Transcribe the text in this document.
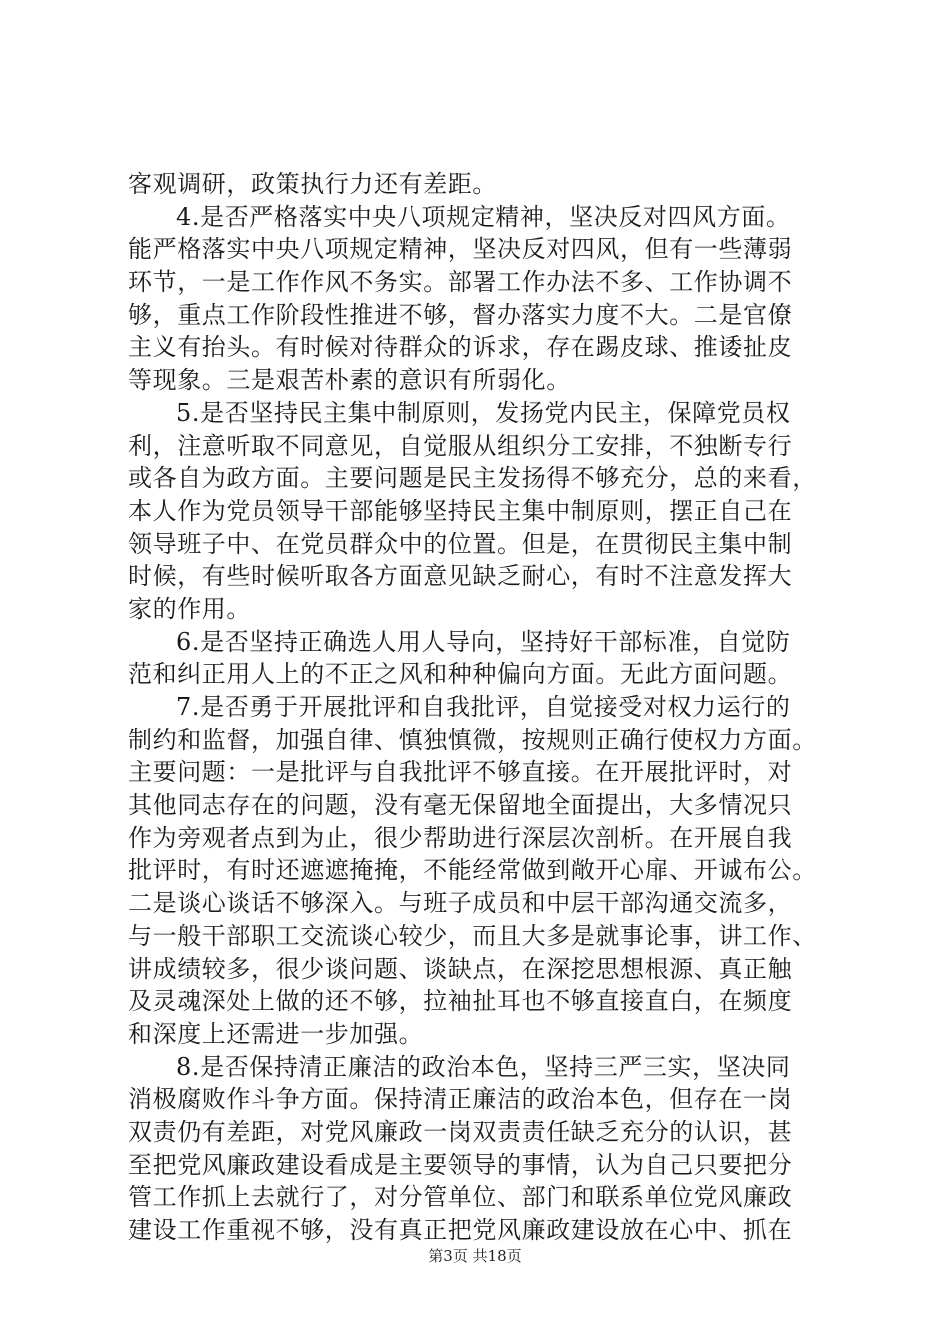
客观调研，政策执行力还有差距。
4.是否严格落实中央八项规定精神，坚决反对四风方面。
能严格落实中央八项规定精神，坚决反对四风，但有一些薄弱
环节，一是工作作风不务实。部署工作办法不多、工作协调不
够，重点工作阶段性推进不够，督办落实力度不大。二是官僚
主义有抬头。有时候对待群众的诉求，存在踢皮球、推诿扯皮
等现象。三是艰苦朴素的意识有所弱化。
5.是否坚持民主集中制原则，发扬党内民主，保障党员权
利，注意听取不同意见，自觉服从组织分工安排，不独断专行
或各自为政方面。主要问题是民主发扬得不够充分，总的来看，
本人作为党员领导干部能够坚持民主集中制原则，摆正自己在
领导班子中、在党员群众中的位置。但是，在贯彻民主集中制
时候，有些时候听取各方面意见缺乏耐心，有时不注意发挥大
家的作用。
6.是否坚持正确选人用人导向，坚持好干部标准，自觉防
范和纠正用人上的不正之风和种种偏向方面。无此方面问题。
7.是否勇于开展批评和自我批评，自觉接受对权力运行的
制约和监督，加强自律、慎独慎微，按规则正确行使权力方面。
主要问题：一是批评与自我批评不够直接。在开展批评时，对
其他同志存在的问题，没有毫无保留地全面提出，大多情况只
作为旁观者点到为止，很少帮助进行深层次剖析。在开展自我
批评时，有时还遮遮掩掩，不能经常做到敞开心扉、开诚布公。
二是谈心谈话不够深入。与班子成员和中层干部沟通交流多，
与一般干部职工交流谈心较少，而且大多是就事论事，讲工作、
讲成绩较多，很少谈问题、谈缺点，在深挖思想根源、真正触
及灵魂深处上做的还不够，拉袖扯耳也不够直接直白，在频度
和深度上还需进一步加强。
8.是否保持清正廉洁的政治本色，坚持三严三实，坚决同
消极腐败作斗争方面。保持清正廉洁的政治本色，但存在一岗
双责仍有差距，对党风廉政一岗双责责任缺乏充分的认识，甚
至把党风廉政建设看成是主要领导的事情，认为自己只要把分
管工作抓上去就行了，对分管单位、部门和联系单位党风廉政
建设工作重视不够，没有真正把党风廉政建设放在心中、抓在
第3页 共18页
